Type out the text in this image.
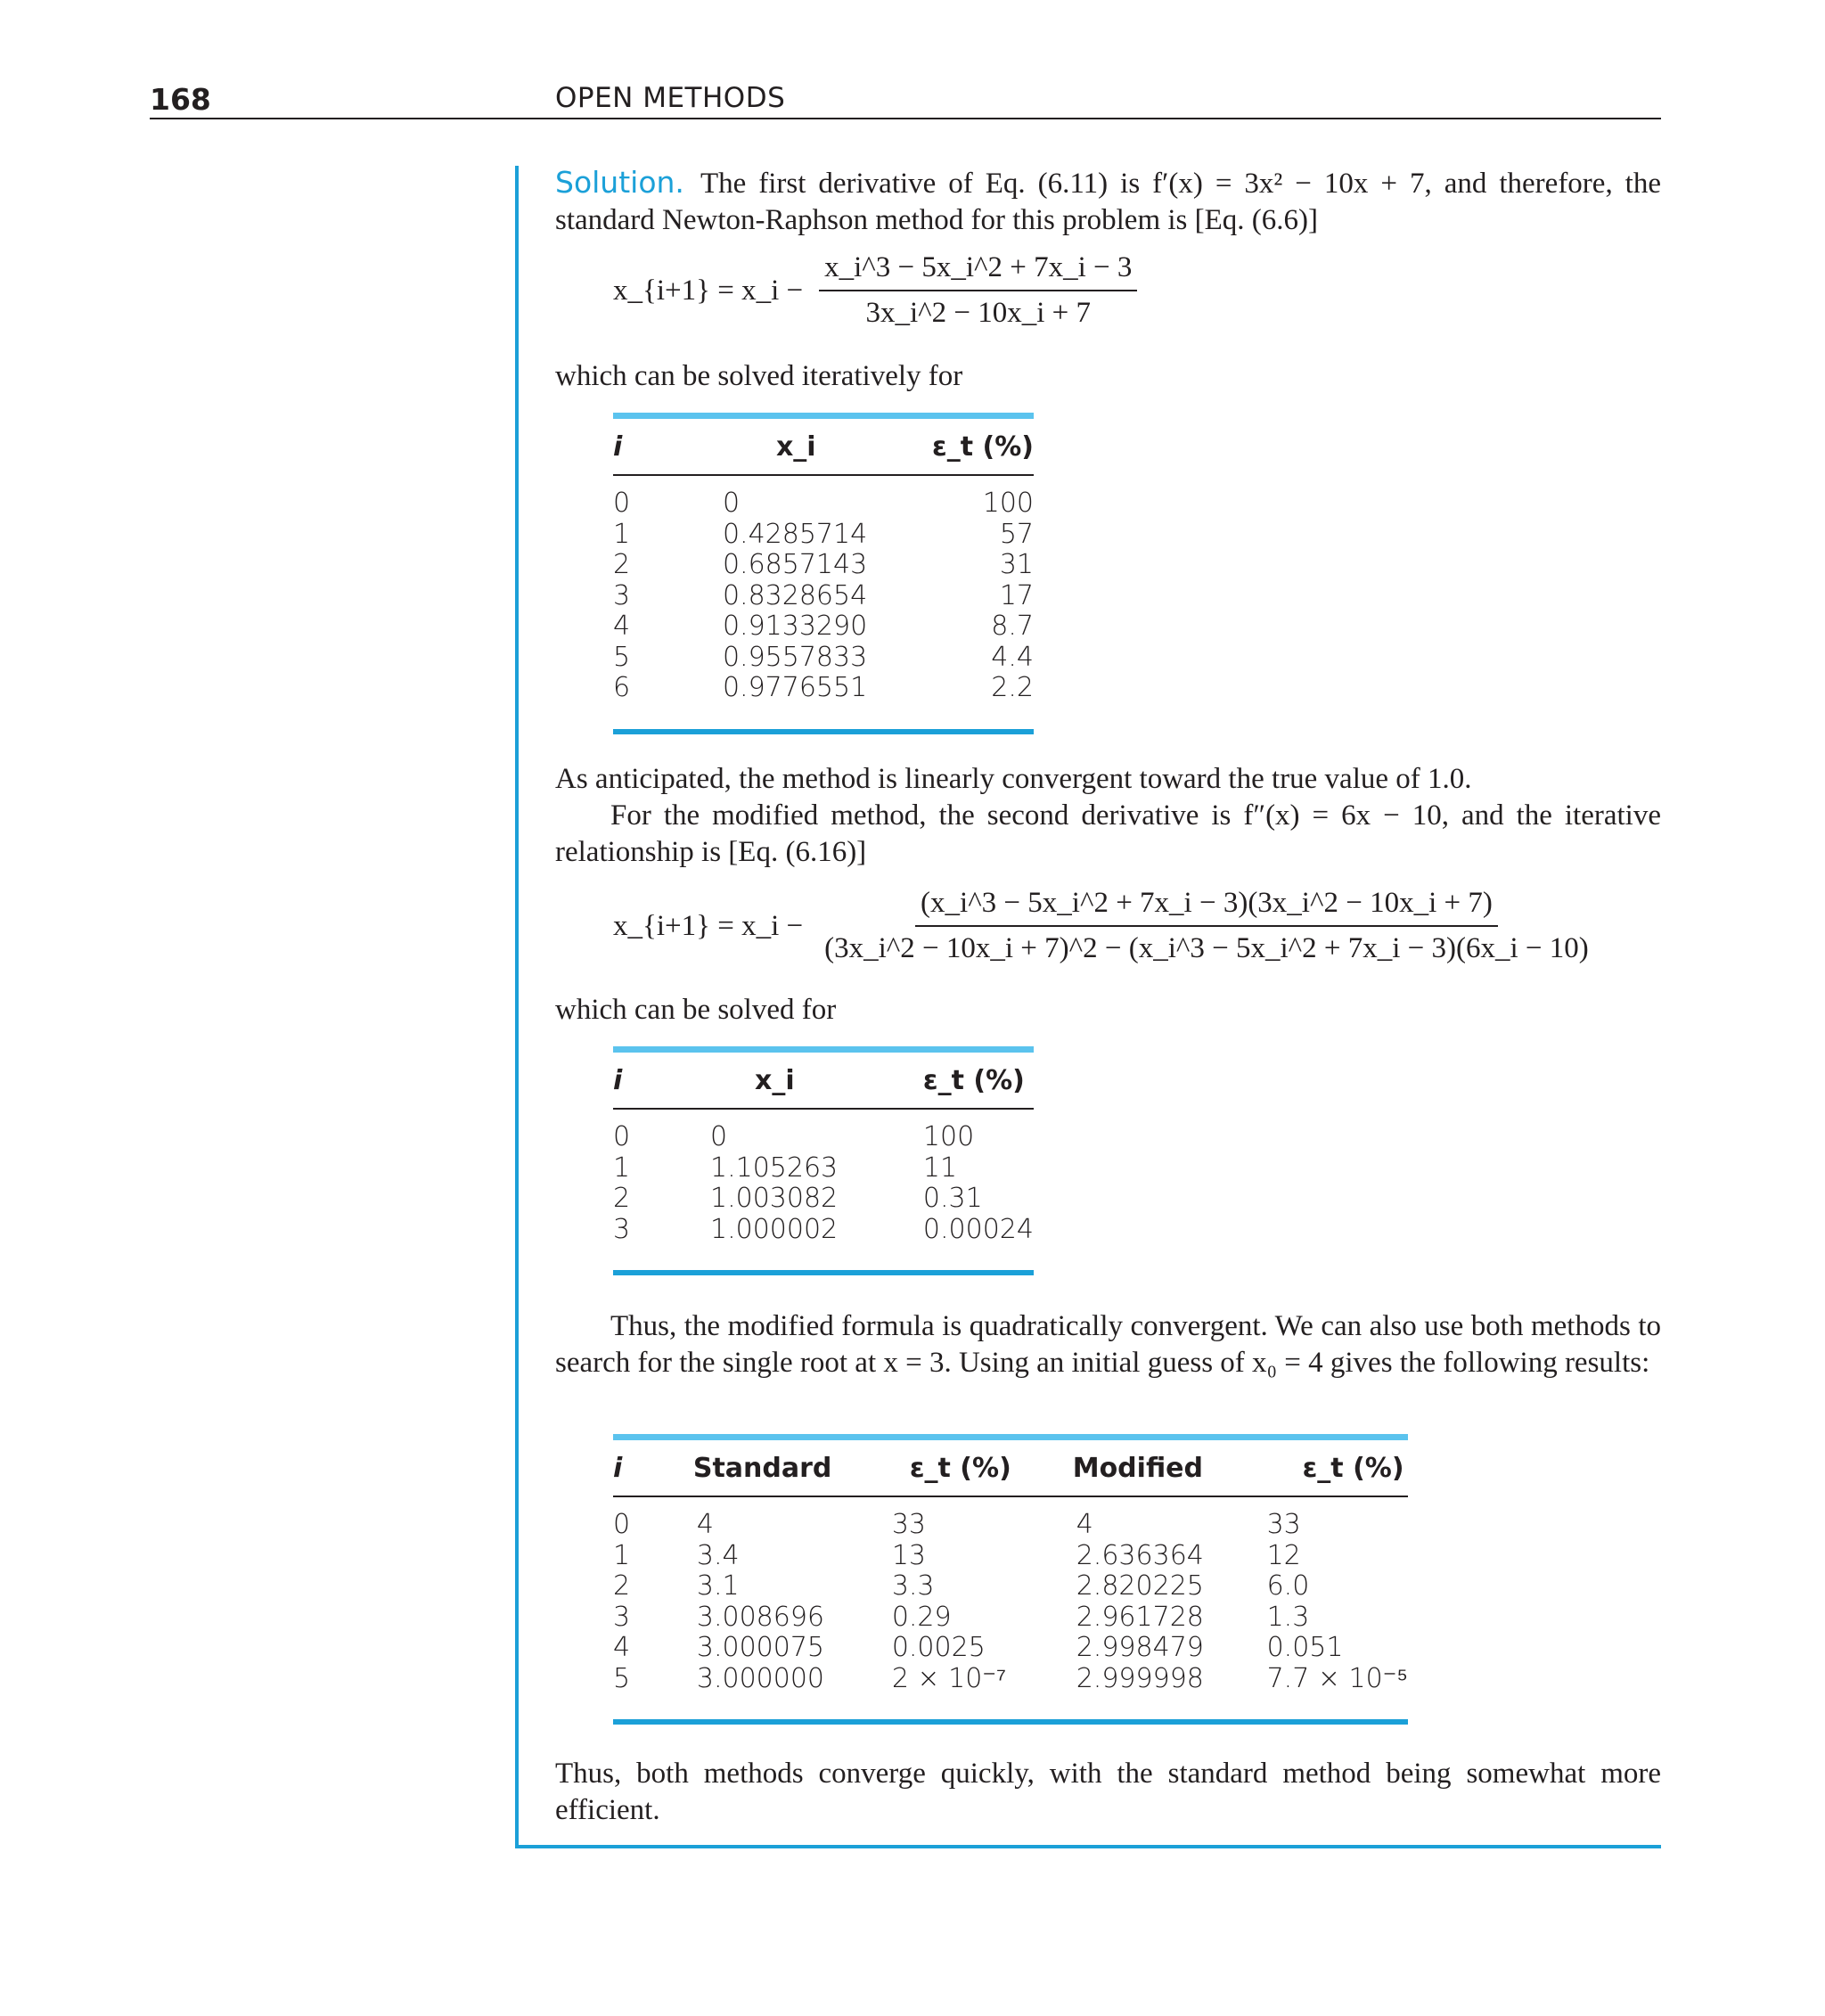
168	OPEN METHODS
Solution. The first derivative of Eq. (6.11) is f′(x) = 3x² − 10x + 7, and therefore, the standard Newton-Raphson method for this problem is [Eq. (6.6)]
x_{i+1} = x_i − $\frac{x\_i\^{}3 - 5x\_i\^{}2 + 7x\_i - 3}{3x\_i\^{}2 - 10x\_i + 7}$
which can be solved iteratively for
i	x_i	ε_t (%)
0	0	100
1	0.4285714	57
2	0.6857143	31
3	0.8328654	17
4	0.9133290	8.7
5	0.9557833	4.4
6	0.9776551	2.2
As anticipated, the method is linearly convergent toward the true value of 1.0.
For the modified method, the second derivative is f″(x) = 6x − 10, and the iterative relationship is [Eq. (6.16)]
x_{i+1} = x_i −
(x_i^3 − 5x_i^2 + 7x_i − 3)(3x_i^2 − 10x_i + 7)
(3x_i^2 − 10x_i + 7)^2 − (x_i^3 − 5x_i^2 + 7x_i − 3)(6x_i − 10)
which can be solved for
i	x_i	ε_t (%)
0	0	100
1	1.105263	11
2	1.003082	0.31
3	1.000002	0.00024
Thus, the modified formula is quadratically convergent. We can also use both methods to search for the single root at x = 3. Using an initial guess of x₀ = 4 gives the following results:
i	Standard	ε_t (%)	Modified	ε_t (%)
0	4	33	4	33
1	3.4	13	2.636364	12
2	3.1	3.3	2.820225	6.0
3	3.008696	0.29	2.961728	1.3
4	3.000075	0.0025	2.998479	0.051
5	3.000000	2 × 10⁻⁷	2.999998	7.7 × 10⁻⁵
Thus, both methods converge quickly, with the standard method being somewhat more efficient.
